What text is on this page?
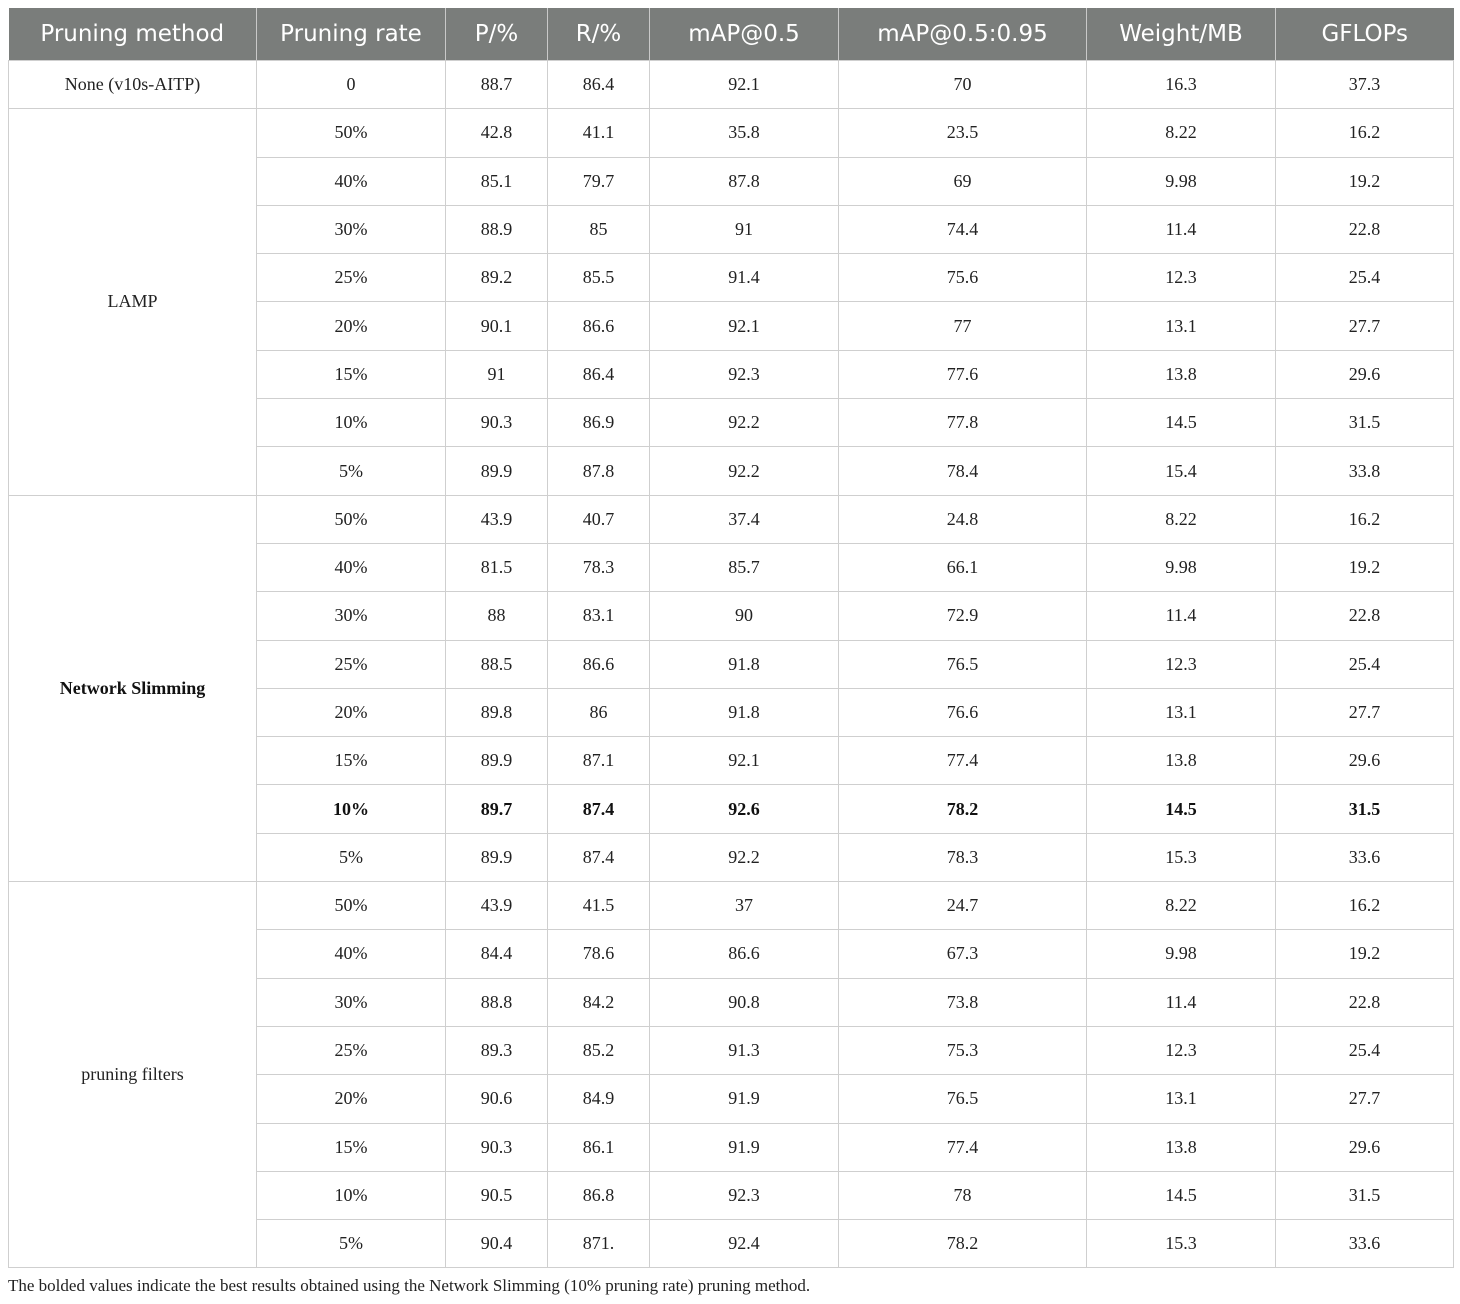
Pruning method	Pruning rate	P/%	R/%	mAP@0.5	mAP@0.5:0.95	Weight/MB	GFLOPs
None (v10s-AITP)	0	88.7	86.4	92.1	70	16.3	37.3
LAMP	50%	42.8	41.1	35.8	23.5	8.22	16.2
	40%	85.1	79.7	87.8	69	9.98	19.2
	30%	88.9	85	91	74.4	11.4	22.8
	25%	89.2	85.5	91.4	75.6	12.3	25.4
	20%	90.1	86.6	92.1	77	13.1	27.7
	15%	91	86.4	92.3	77.6	13.8	29.6
	10%	90.3	86.9	92.2	77.8	14.5	31.5
	5%	89.9	87.8	92.2	78.4	15.4	33.8
Network Slimming	50%	43.9	40.7	37.4	24.8	8.22	16.2
	40%	81.5	78.3	85.7	66.1	9.98	19.2
	30%	88	83.1	90	72.9	11.4	22.8
	25%	88.5	86.6	91.8	76.5	12.3	25.4
	20%	89.8	86	91.8	76.6	13.1	27.7
	15%	89.9	87.1	92.1	77.4	13.8	29.6
	10%	89.7	87.4	92.6	78.2	14.5	31.5
	5%	89.9	87.4	92.2	78.3	15.3	33.6
pruning filters	50%	43.9	41.5	37	24.7	8.22	16.2
	40%	84.4	78.6	86.6	67.3	9.98	19.2
	30%	88.8	84.2	90.8	73.8	11.4	22.8
	25%	89.3	85.2	91.3	75.3	12.3	25.4
	20%	90.6	84.9	91.9	76.5	13.1	27.7
	15%	90.3	86.1	91.9	77.4	13.8	29.6
	10%	90.5	86.8	92.3	78	14.5	31.5
	5%	90.4	871.	92.4	78.2	15.3	33.6
The bolded values indicate the best results obtained using the Network Slimming (10% pruning rate) pruning method.
